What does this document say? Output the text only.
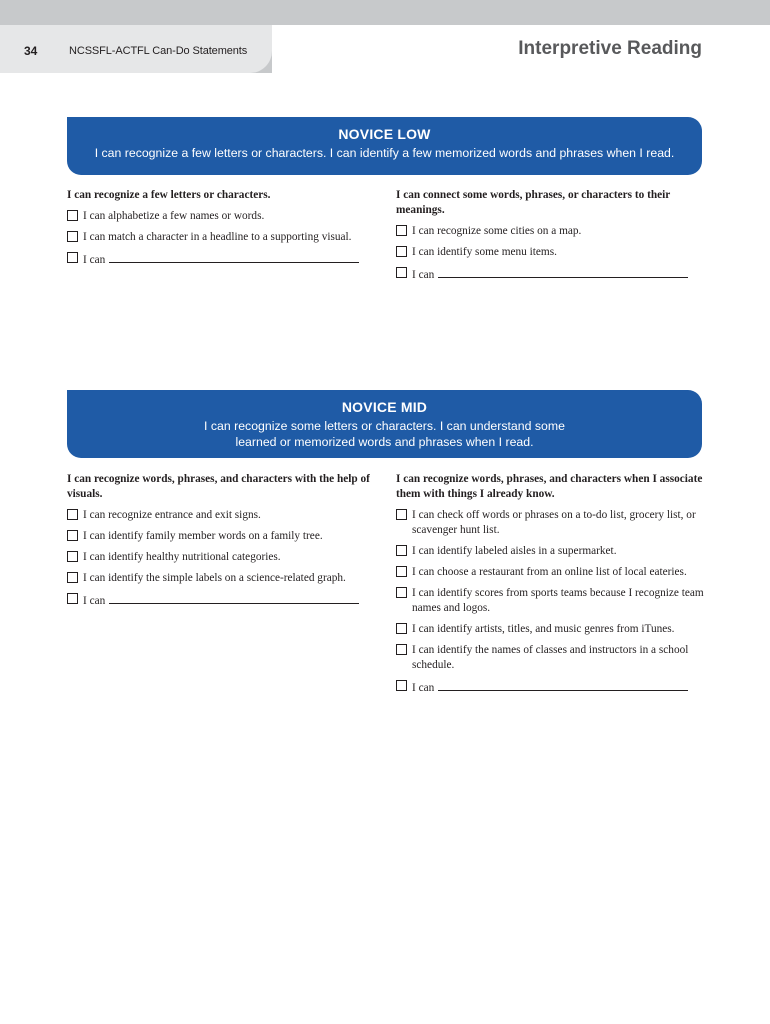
34	NCSSFL-ACTFL Can-Do Statements	Interpretive Reading
NOVICE LOW

I can recognize a few letters or characters. I can identify a few memorized words and phrases when I read.

I can recognize a few letters or characters.

I can alphabetize a few names or words.
I can match a character in a headline to a supporting visual.
I can

I can connect some words, phrases, or characters to their meanings.

I can recognize some cities on a map.
I can identify some menu items.
I can
NOVICE MID

I can recognize some letters or characters. I can understand some
learned or memorized words and phrases when I read.

I can recognize words, phrases, and characters with the help of visuals.

I can recognize entrance and exit signs.
I can identify family member words on a family tree.
I can identify healthy nutritional categories.
I can identify the simple labels on a science-related graph.
I can

I can recognize words, phrases, and characters when I associate them with things I already know.

I can check off words or phrases on a to-do list, grocery list, or scavenger hunt list.
I can identify labeled aisles in a supermarket.
I can choose a restaurant from an online list of local eateries.
I can identify scores from sports teams because I recognize team names and logos.
I can identify artists, titles, and music genres from iTunes.
I can identify the names of classes and instructors in a school schedule.
I can
